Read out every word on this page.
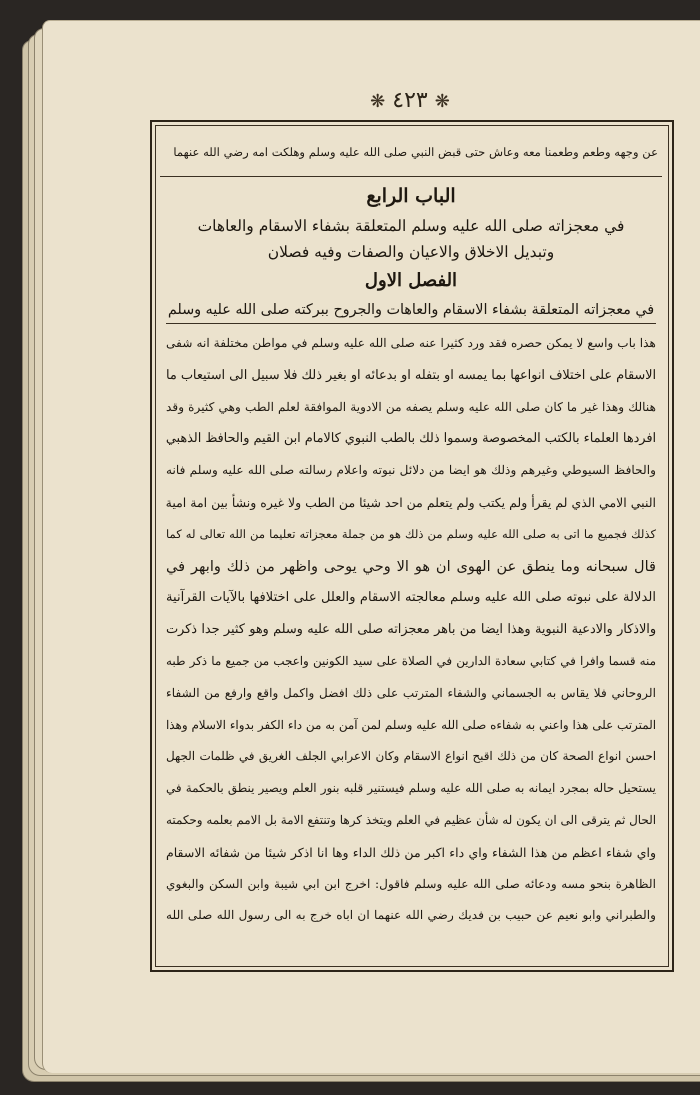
❋ ٤٢٣ ❋
عن وجهه وطعم وطعمنا معه وعاش حتى قبض النبي صلى الله عليه وسلم وهلكت امه رضي الله عنهما
الباب الرابع
في معجزاته صلى الله عليه وسلم المتعلقة بشفاء الاسقام والعاهات
وتبديل الاخلاق والاعيان والصفات وفيه فصلان
الفصل الاول
في معجزاته المتعلقة بشفاء الاسقام والعاهات والجروح ببركته صلى الله عليه وسلم
هذا باب واسع لا يمكن حصره فقد ورد كثيرا عنه صلى الله عليه وسلم في مواطن مختلفة انه شفى
الاسقام على اختلاف انواعها بما يمسه او بتفله او بدعائه او بغير ذلك فلا سبيل الى استيعاب ما
هنالك وهذا غير ما كان صلى الله عليه وسلم يصفه من الادوية الموافقة لعلم الطب وهي كثيرة وقد
افردها العلماء بالكتب المخصوصة وسموا ذلك بالطب النبوي كالامام ابن القيم والحافظ الذهبي
والحافظ السيوطي وغيرهم وذلك هو ايضا من دلائل نبوته واعلام رسالته صلى الله عليه وسلم فانه
النبي الامي الذي لم يقرأ ولم يكتب ولم يتعلم من احد شيئا من الطب ولا غيره ونشأ بين امة امية
كذلك فجميع ما اتى به صلى الله عليه وسلم من ذلك هو من جملة معجزاته تعليما من الله تعالى له كما
قال سبحانه وما ينطق عن الهوى ان هو الا وحي يوحى واظهر من ذلك وابهر في
الدلالة على نبوته صلى الله عليه وسلم معالجته الاسقام والعلل على اختلافها بالآيات القرآنية
والاذكار والادعية النبوية وهذا ايضا من باهر معجزاته صلى الله عليه وسلم وهو كثير جدا ذكرت
منه قسما وافرا في كتابي سعادة الدارين في الصلاة على سيد الكونين واعجب من جميع ما ذكر طبه
الروحاني فلا يقاس به الجسماني والشفاء المترتب على ذلك افضل واكمل واقع وارفع من الشفاء
المترتب على هذا واعني به شفاءه صلى الله عليه وسلم لمن آمن به من داء الكفر بدواء الاسلام وهذا
احسن انواع الصحة كان من ذلك اقبح انواع الاسقام وكان الاعرابي الجلف الغريق في ظلمات الجهل
يستحيل حاله بمجرد ايمانه به صلى الله عليه وسلم فيستنير قلبه بنور العلم ويصير ينطق بالحكمة في
الحال ثم يترقى الى ان يكون له شأن عظيم في العلم ويتخذ كرها وتنتفع الامة بل الامم بعلمه وحكمته
واي شفاء اعظم من هذا الشفاء واي داء اكبر من ذلك الداء وها انا اذكر شيئا من شفائه الاسقام
الظاهرة بنحو مسه ودعائه صلى الله عليه وسلم فاقول: اخرج ابن ابي شيبة وابن السكن والبغوي
والطبراني وابو نعيم عن حبيب بن فديك رضي الله عنهما ان اباه خرج به الى رسول الله صلى الله
